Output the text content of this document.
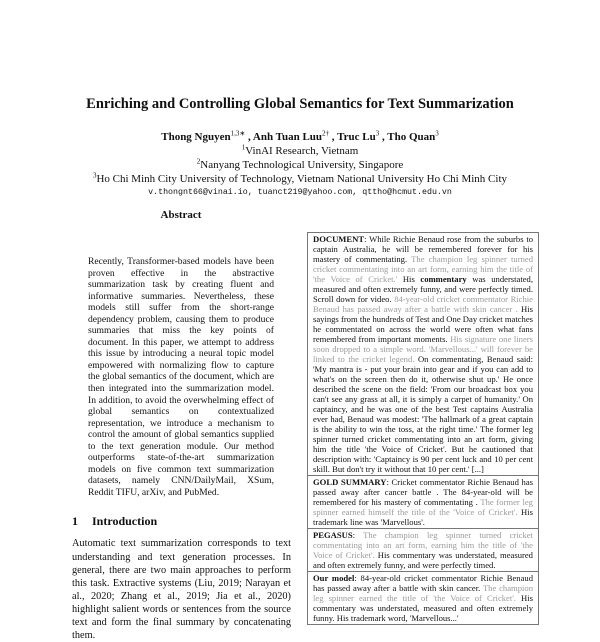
Enriching and Controlling Global Semantics for Text Summarization
Thong Nguyen$^{1,3∗}$ , Anh Tuan Luu$^{2\dagger}$ , Truc Lu$^3$ , Tho Quan$^3$
$^1$VinAI Research, Vietnam
$^2$Nanyang Technological University, Singapore
$^3$Ho Chi Minh City University of Technology, Vietnam National University Ho Chi Minh City
v.thongnt66@vinai.io, tuanct219@yahoo.com, qttho@hcmut.edu.vn
Abstract
Recently, Transformer-based models have been proven effective in the abstractive summarization task by creating fluent and informative summaries. Nevertheless, these models still suffer from the short-range dependency problem, causing them to produce summaries that miss the key points of document. In this paper, we attempt to address this issue by introducing a neural topic model empowered with normalizing flow to capture the global semantics of the document, which are then integrated into the summarization model. In addition, to avoid the overwhelming effect of global semantics on contextualized representation, we introduce a mechanism to control the amount of global semantics supplied to the text generation module. Our method outperforms state-of-the-art summarization models on five common text summarization datasets, namely CNN/DailyMail, XSum, Reddit TIFU, arXiv, and PubMed.
1 Introduction
Automatic text summarization corresponds to text understanding and text generation processes. In general, there are two main approaches to perform this task. Extractive systems (Liu, 2019; Narayan et al., 2020; Zhang et al., 2019; Jia et al., 2020) highlight salient words or sentences from the source text and form the final summary by concatenating them.
DOCUMENT: While Richie Benaud rose from the suburbs to captain Australia, he will be remembered forever for his mastery of commentating. The champion leg spinner turned cricket commentating into an art form, earning him the title of 'the Voice of Cricket.' His commentary was understated, measured and often extremely funny, and were perfectly timed. Scroll down for video. 84-year-old cricket commentator Richie Benaud has passed away after a battle with skin cancer . His sayings from the hundreds of Test and One Day cricket matches he commentated on across the world were often what fans remembered from important moments. His signature one liners soon dropped to a simple word. 'Marvellous...' will forever be linked to the cricket legend. On commentating, Benaud said: 'My mantra is - put your brain into gear and if you can add to what's on the screen then do it, otherwise shut up.' He once described the scene on the field: 'From our broadcast box you can't see any grass at all, it is simply a carpet of humanity.' On captaincy, and he was one of the best Test captains Australia ever had, Benaud was modest: 'The hallmark of a great captain is the ability to win the toss, at the right time.' The former leg spinner turned cricket commentating into an art form, giving him the title 'the Voice of Cricket'. But he cautioned that description with: 'Captaincy is 90 per cent luck and 10 per cent skill. But don't try it without that 10 per cent.' [...]
GOLD SUMMARY: Cricket commentator Richie Benaud has passed away after cancer battle . The 84-year-old will be remembered for his mastery of commentating . The former leg spinner earned himself the title of the 'Voice of Cricket'. His trademark line was 'Marvellous'.
PEGASUS: The champion leg spinner turned cricket commentating into an art form, earning him the title of 'the Voice of Cricket'. His commentary was understated, measured and often extremely funny, and were perfectly timed.
Our model: 84-year-old cricket commentator Richie Benaud has passed away after a battle with skin cancer. The champion leg spinner earned the title of 'the Voice of Cricket'. His commentary was understated, measured and often extremely funny. His trademark word, 'Marvellous...'
